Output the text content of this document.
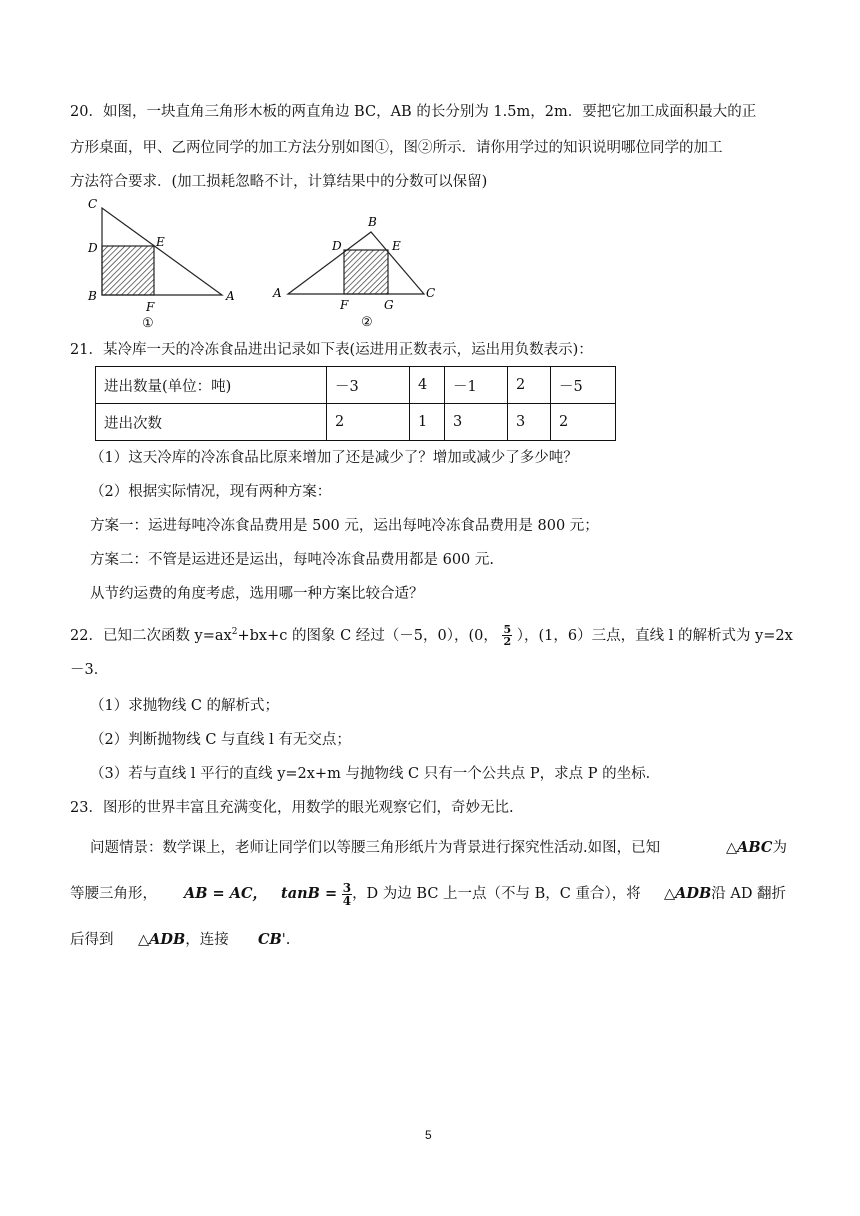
20．如图，一块直角三角形木板的两直角边 BC，AB 的长分别为 1.5m，2m．要把它加工成面积最大的正
方形桌面，甲、乙两位同学的加工方法分别如图①，图②所示．请你用学过的知识说明哪位同学的加工
方法符合要求．(加工损耗忽略不计，计算结果中的分数可以保留)
C
D	E
B
F
A
①
B
D	E
A
F	G
C
②
21．某冷库一天的冷冻食品进出记录如下表(运进用正数表示，运出用负数表示)：
进出数量(单位：吨)	－3	4	－1	2	－5
进出次数	2	1	3	3	2
（1）这天冷库的冷冻食品比原来增加了还是减少了？增加或减少了多少吨？
（2）根据实际情况，现有两种方案：
方案一：运进每吨冷冻食品费用是 500 元，运出每吨冷冻食品费用是 800 元；
方案二：不管是运进还是运出，每吨冷冻食品费用都是 600 元.
从节约运费的角度考虑，选用哪一种方案比较合适？
22．已知二次函数 $y=ax^2+bx+c$ 的图象 C 经过（－5，0），(0， $\frac{5}{2}$ ），(1，6）三点，直线 l 的解析式为 y=2x
－3．
（1）求抛物线 C 的解析式；
（2）判断抛物线 C 与直线 l 有无交点；
（3）若与直线 l 平行的直线 y=2x+m 与抛物线 C 只有一个公共点 P，求点 P 的坐标．
23．图形的世界丰富且充满变化，用数学的眼光观察它们，奇妙无比.
问题情景：数学课上，老师让同学们以等腰三角形纸片为背景进行探究性活动.如图，已知	△ABC为
等腰三角形， AB = AC， $\tan B = \frac{3}{4}$ ，D 为边 BC 上一点（不与 B，C 重合），将 △ADB沿 AD 翻折
后得到 △ADB，连接 CB'.
5
